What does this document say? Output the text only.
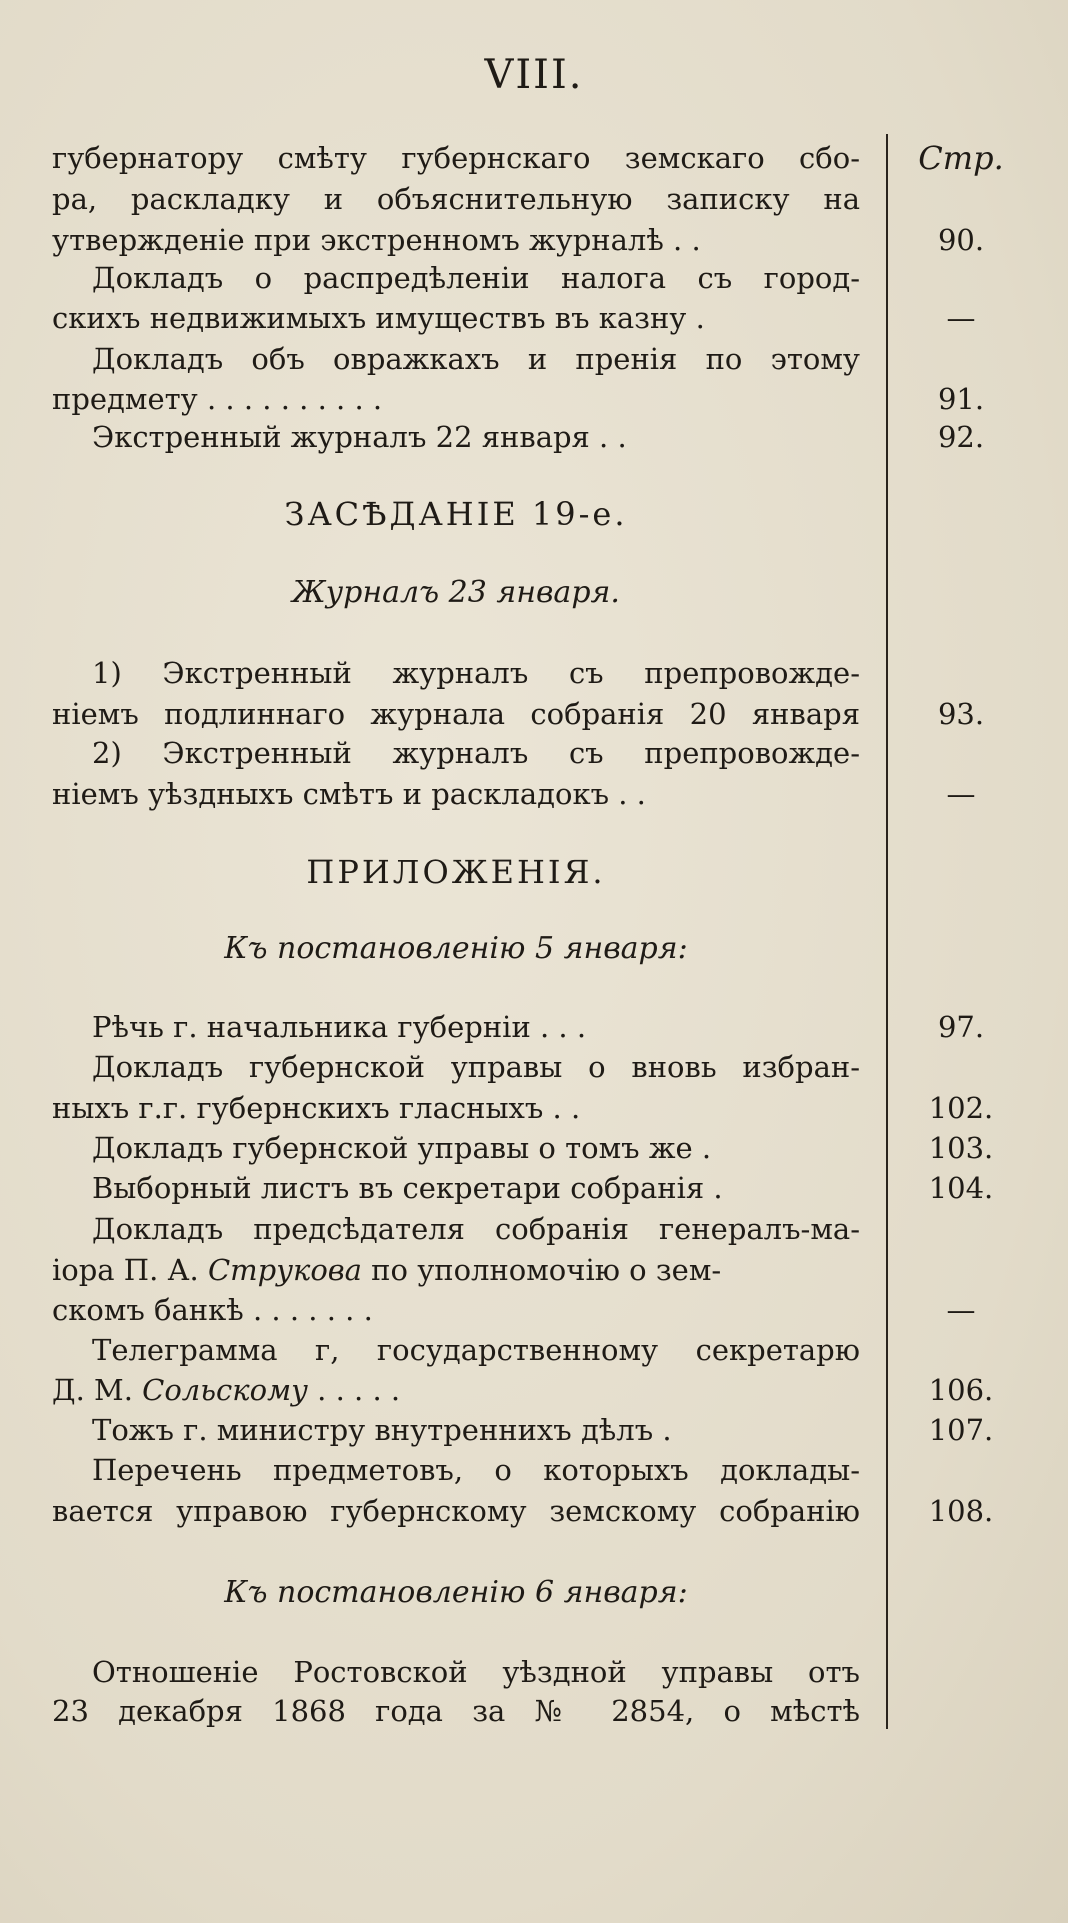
VIII.
губернатору смѣту губернскаго земскаго сбо-
ра, раскладку и объяснительную записку на
утвержденіе при экстренномъ журналѣ . .
Докладъ о распредѣленіи налога съ город-
скихъ недвижимыхъ имуществъ въ казну .
Докладъ объ овражкахъ и пренія по этому
предмету . . . . . . . . . .
Экстренный журналъ 22 января . .
ЗАСѢДАНІЕ 19-е.
Журналъ 23 января.
1) Экстренный журналъ съ препровожде-
ніемъ подлиннаго журнала собранія 20 января
2) Экстренный журналъ съ препровожде-
ніемъ уѣздныхъ смѣтъ и раскладокъ . .
ПРИЛОЖЕНІЯ.
Къ постановленію 5 января:
Рѣчь г. начальника губерніи . . .
Докладъ губернской управы о вновь избран-
ныхъ г.г. губернскихъ гласныхъ . .
Докладъ губернской управы о томъ же .
Выборный листъ въ секретари собранія .
Докладъ предсѣдателя собранія генералъ-ма-
іора П. А. Струкова по уполномочію о зем-
скомъ банкѣ . . . . . . .
Телеграмма г, государственному секретарю
Д. М. Сольскому . . . . .
Тожъ г. министру внутреннихъ дѣлъ .
Перечень предметовъ, о которыхъ доклады-
вается управою губернскому земскому собранію
Къ постановленію 6 января:
Отношеніе Ростовской уѣздной управы отъ
23 декабря 1868 года за № 2854, о мѣстѣ
Стр.
90.
—
91.
92.
93.
—
97.
102.
103.
104.
—
106.
107.
108.
